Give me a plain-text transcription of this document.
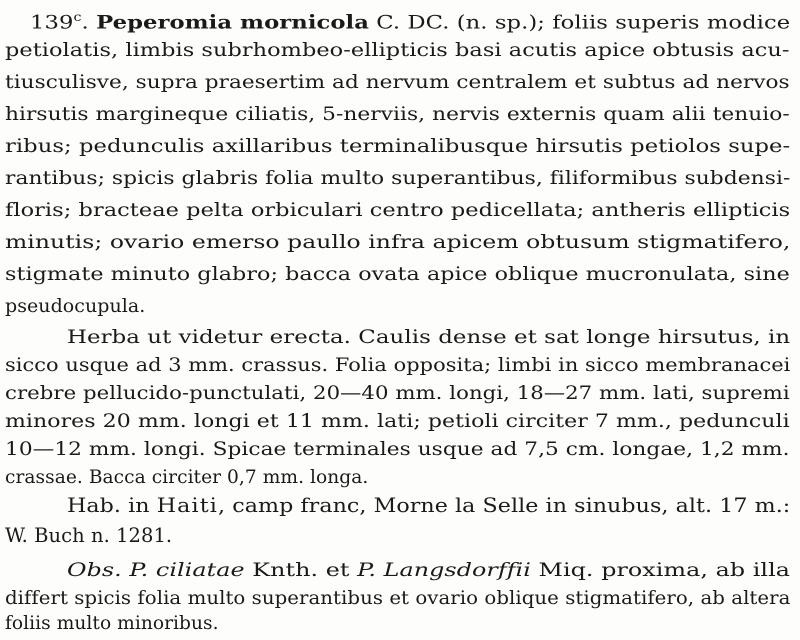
139$^c$. Peperomia mornicola C. DC. (n. sp.); foliis superis modice
petiolatis, limbis subrhombeo-ellipticis basi acutis apice obtusis acu-
tiusculisve, supra praesertim ad nervum centralem et subtus ad nervos
hirsutis margineque ciliatis, 5-nerviis, nervis externis quam alii tenuio-
ribus; pedunculis axillaribus terminalibusque hirsutis petiolos supe-
rantibus; spicis glabris folia multo superantibus, filiformibus subdensi-
floris; bracteae pelta orbiculari centro pedicellata; antheris ellipticis
minutis; ovario emerso paullo infra apicem obtusum stigmatifero,
stigmate minuto glabro; bacca ovata apice oblique mucronulata, sine
pseudocupula.
Herba ut videtur erecta. Caulis dense et sat longe hirsutus, in
sicco usque ad 3 mm. crassus. Folia opposita; limbi in sicco membranacei
crebre pellucido-punctulati, 20—40 mm. longi, 18—27 mm. lati, supremi
minores 20 mm. longi et 11 mm. lati; petioli circiter 7 mm., pedunculi
10—12 mm. longi. Spicae terminales usque ad 7,5 cm. longae, 1,2 mm.
crassae. Bacca circiter 0,7 mm. longa.
Hab. in Haiti, camp franc, Morne la Selle in sinubus, alt. 17 m.:
W. Buch n. 1281.
Obs. P. ciliatae Knth. et P. Langsdorffii Miq. proxima, ab illa
differt spicis folia multo superantibus et ovario oblique stigmatifero, ab altera
foliis multo minoribus.
